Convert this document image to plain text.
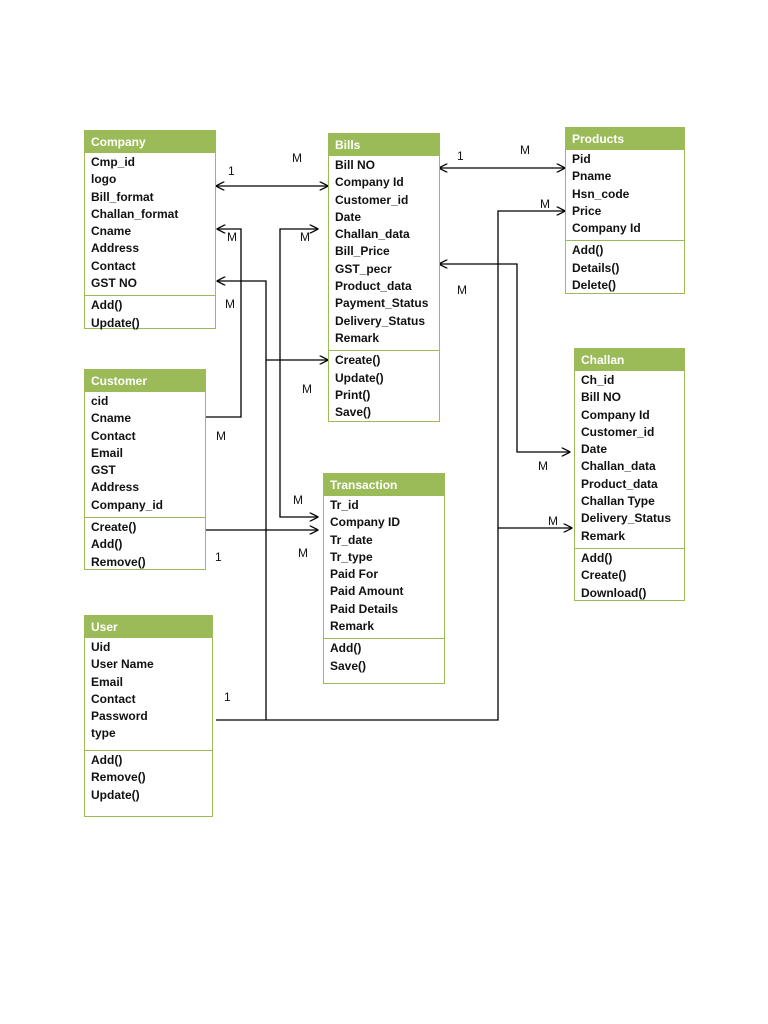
Company
Cmp_id
logo
Bill_format
Challan_format
Cname
Address
Contact
GST NO
Add()
Update()
Bills
Bill NO
Company Id
Customer_id
Date
Challan_data
Bill_Price
GST_pecr
Product_data
Payment_Status
Delivery_Status
Remark
Create()
Update()
Print()
Save()
Products
Pid
Pname
Hsn_code
Price
Company Id
Add()
Details()
Delete()
Customer
cid
Cname
Contact
Email
GST
Address
Company_id
Create()
Add()
Remove()
Challan
Ch_id
Bill NO
Company Id
Customer_id
Date
Challan_data
Product_data
Challan Type
Delivery_Status
Remark
Add()
Create()
Download()
Transaction
Tr_id
Company ID
Tr_date
Tr_type
Paid For
Paid Amount
Paid Details
Remark
Add()
Save()
User
Uid
User Name
Email
Contact
Password
type
Add()
Remove()
Update()
1
M	1	M
M	M
M
M
M
M
M
M
1	M
M
M
1
